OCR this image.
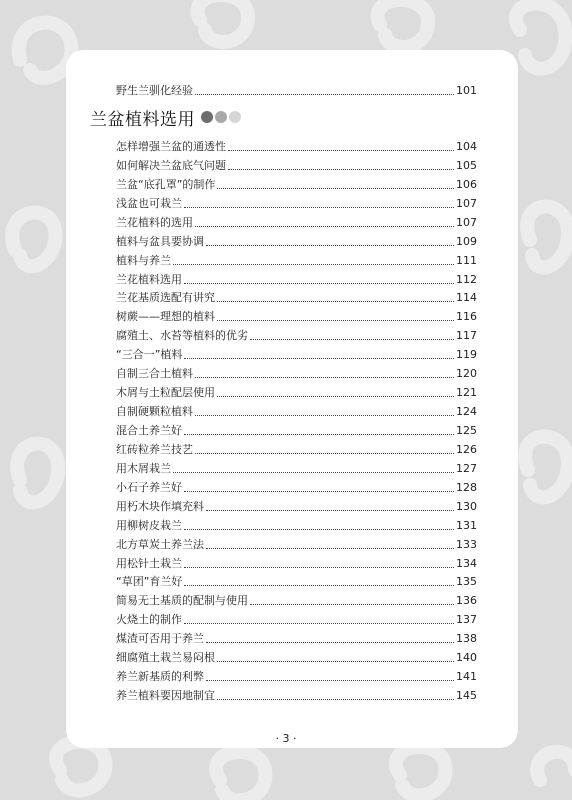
野生兰驯化经验	101
兰盆植料选用
怎样增强兰盆的通透性	104
如何解决兰盆底气问题	105
兰盆“底孔罩”的制作	106
浅盆也可栽兰	107
兰花植料的选用	107
植料与盆具要协调	109
植料与养兰	111
兰花植料选用	112
兰花基质选配有讲究	114
树蕨——理想的植料	116
腐殖土、水苔等植料的优劣	117
“三合一”植料	119
自制三合土植料	120
木屑与土粒配层使用	121
自制硬颗粒植料	124
混合土养兰好	125
红砖粒养兰技艺	126
用木屑栽兰	127
小石子养兰好	128
用朽木块作填充料	130
用柳树皮栽兰	131
北方草炭土养兰法	133
用松针土栽兰	134
“草团”育兰好	135
简易无土基质的配制与使用	136
火烧土的制作	137
煤渣可否用于养兰	138
细腐殖土栽兰易闷根	140
养兰新基质的利弊	141
养兰植料要因地制宜	145
· 3 ·
